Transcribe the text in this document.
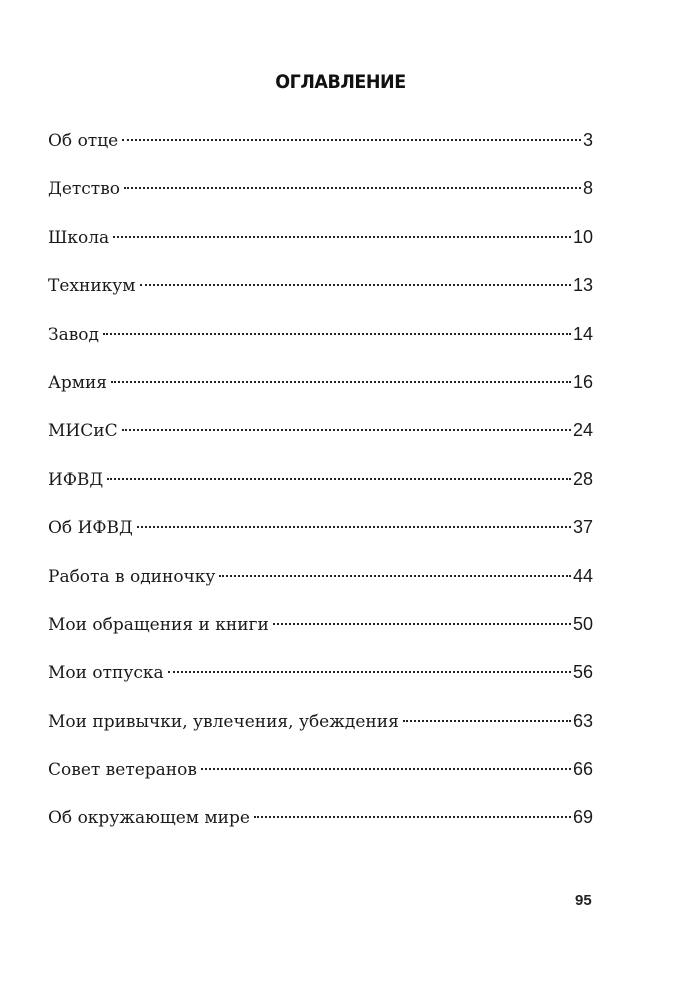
ОГЛАВЛЕНИЕ
Об отце	3
Детство	8
Школа	10
Техникум	13
Завод	14
Армия	16
МИСиС	24
ИФВД	28
Об ИФВД	37
Работа в одиночку	44
Мои обращения и книги	50
Мои отпуска	56
Мои привычки, увлечения, убеждения	63
Совет ветеранов	66
Об окружающем мире	69
95
